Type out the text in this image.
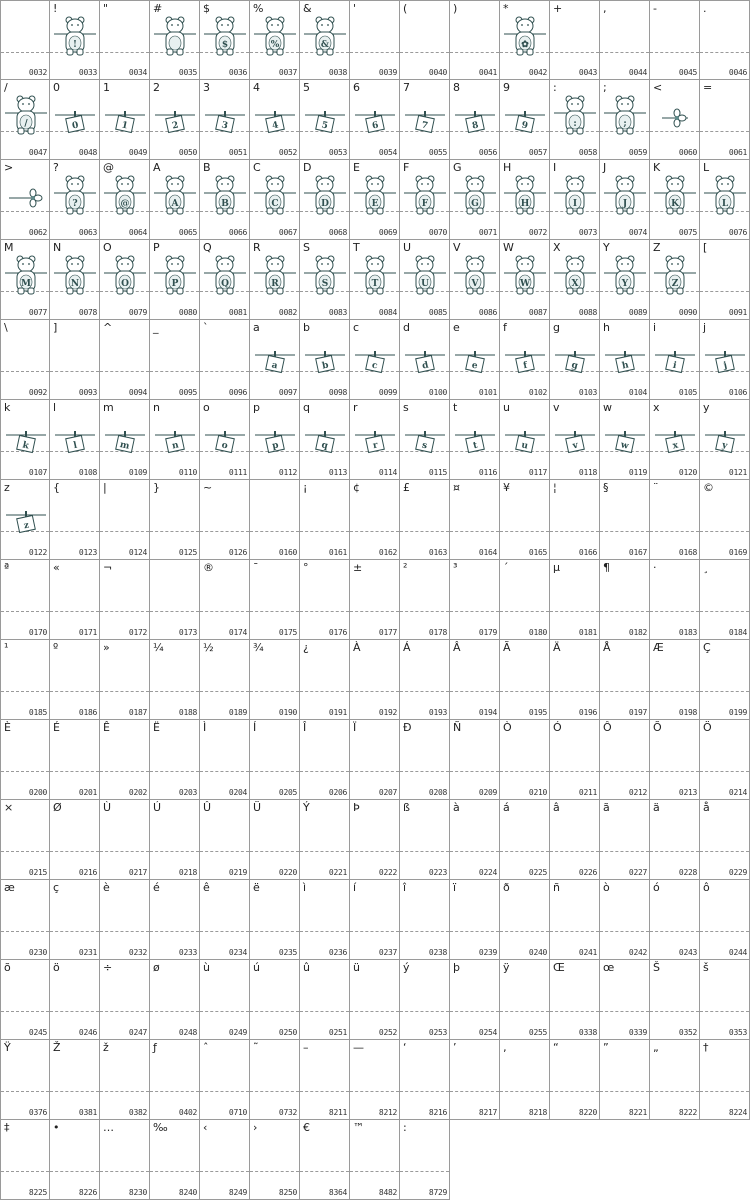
0032
!
!
0033
"
0034
#
0035
$
$
0036
%
%
0037
&
&
0038
'
0039
(
0040
)
0041
✿
*
0042
+
0043
,
0044
-
0045
.
0046
/
/
0047
0
0
0048
1
1
0049
2
2
0050
3
3
0051
4
4
0052
5
5
0053
6
6
0054
7
7
0055
8
8
0056
9
9
0057
:
:
0058
;
;
0059
<
0060
=
0061
>
0062
?
?
0063
@
@
0064
A
A
0065
B
B
0066
C
C
0067
D
D
0068
E
E
0069
F
F
0070
G
G
0071
H
H
0072
I
I
0073
J
J
0074
K
K
0075
L
L
0076
M
M
0077
N
N
0078
O
O
0079
P
P
0080
Q
Q
0081
R
R
0082
S
S
0083
T
T
0084
U
U
0085
V
V
0086
W
W
0087
X
X
0088
Y
Y
0089
Z
Z
0090
[
0091
\
0092
]
0093
^
0094
_
0095
`
0096
a
a
0097
b
b
0098
c
c
0099
d
d
0100
e
e
0101
f
f
0102
g
g
0103
h
h
0104
i
i
0105
j
j
0106
k
k
0107
l
l
0108
m
m
0109
n
n
0110
o
o
0111
p
p
0112
q
q
0113
r
r
0114
s
s
0115
t
t
0116
u
u
0117
v
v
0118
w
w
0119
x
x
0120
y
y
0121
z
z
0122
{
0123
|
0124
}
0125
~
0126	0160
¡
0161
¢
0162
£
0163
¤
0164
¥
0165
¦
0166
§
0167
¨
0168
©
0169
ª
0170
«
0171
¬
0172	0173
®
0174
¯
0175
°
0176
±
0177
²
0178
³
0179
´
0180
µ
0181
¶
0182
·
0183
¸
0184
¹
0185
º
0186
»
0187
¼
0188
½
0189
¾
0190
¿
0191
À
0192
Á
0193
Â
0194
Ã
0195
Ä
0196
Å
0197
Æ
0198
Ç
0199
È
0200
É
0201
Ê
0202
Ë
0203
Ì
0204
Í
0205
Î
0206
Ï
0207
Ð
0208
Ñ
0209
Ò
0210
Ó
0211
Ô
0212
Õ
0213
Ö
0214
×
0215
Ø
0216
Ù
0217
Ú
0218
Û
0219
Ü
0220
Ý
0221
Þ
0222
ß
0223
à
0224
á
0225
â
0226
ã
0227
ä
0228
å
0229
æ
0230
ç
0231
è
0232
é
0233
ê
0234
ë
0235
ì
0236
í
0237
î
0238
ï
0239
ð
0240
ñ
0241
ò
0242
ó
0243
ô
0244
õ
0245
ö
0246
÷
0247
ø
0248
ù
0249
ú
0250
û
0251
ü
0252
ý
0253
þ
0254
ÿ
0255
Œ
0338
œ
0339
Š
0352
š
0353
Ÿ
0376
Ž
0381
ž
0382
ƒ
0402
ˆ
0710
˜
0732
–
8211
—
8212
‘
8216
’
8217
‚
8218
“
8220
”
8221
„
8222
†
8224
‡
8225
•
8226
…
8230
‰
8240
‹
8249
›
8250
€
8364
™
8482
:
8729
